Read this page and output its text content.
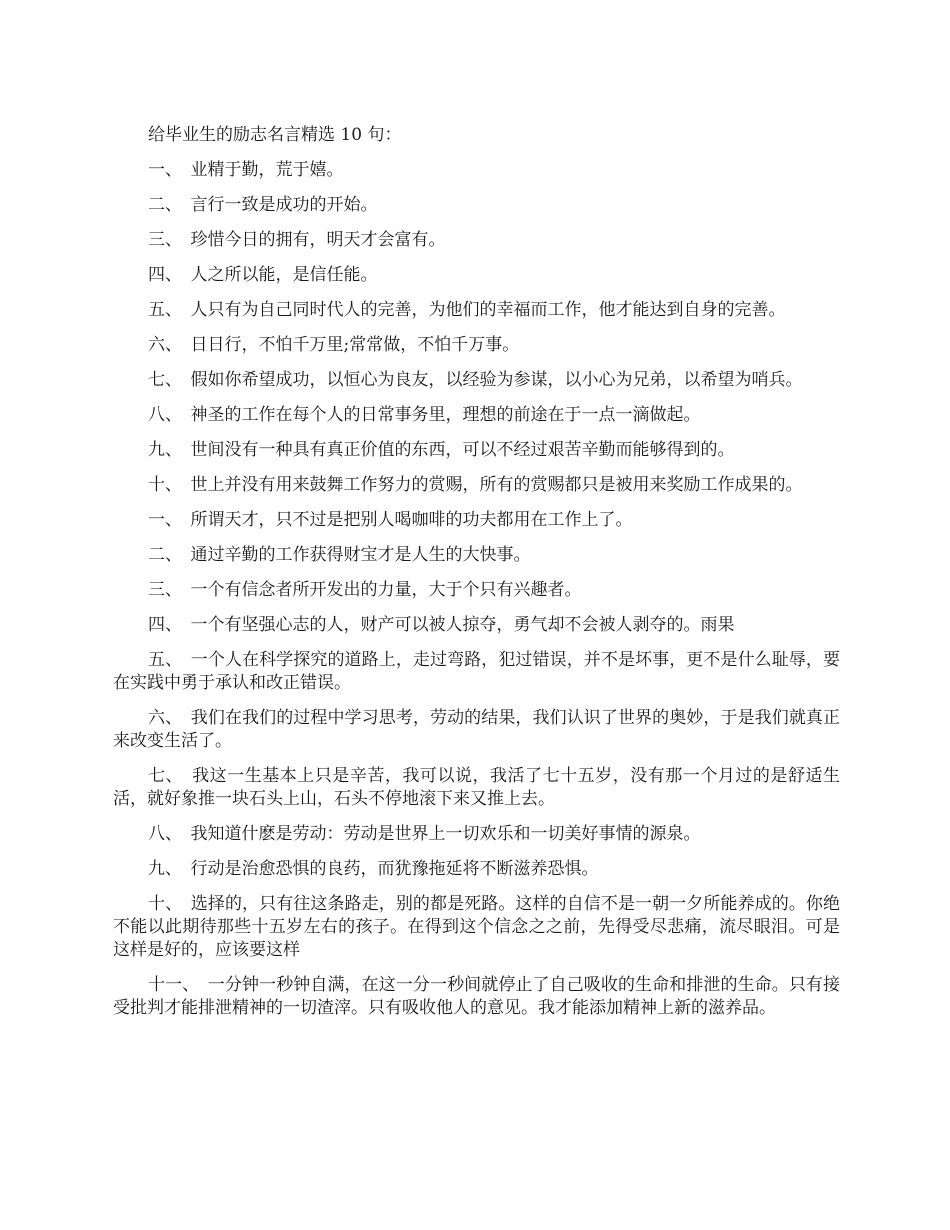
给毕业生的励志名言精选 10 句：

一、  业精于勤，荒于嬉。

二、  言行一致是成功的开始。

三、  珍惜今日的拥有，明天才会富有。

四、  人之所以能，是信任能。

五、  人只有为自己同时代人的完善，为他们的幸福而工作，他才能达到自身的完善。

六、  日日行，不怕千万里;常常做，不怕千万事。

七、  假如你希望成功，以恒心为良友，以经验为参谋，以小心为兄弟，以希望为哨兵。

八、  神圣的工作在每个人的日常事务里，理想的前途在于一点一滴做起。

九、  世间没有一种具有真正价值的东西，可以不经过艰苦辛勤而能够得到的。

十、  世上并没有用来鼓舞工作努力的赏赐，所有的赏赐都只是被用来奖励工作成果的。

一、  所谓天才，只不过是把别人喝咖啡的功夫都用在工作上了。

二、  通过辛勤的工作获得财宝才是人生的大快事。

三、  一个有信念者所开发出的力量，大于个只有兴趣者。

四、  一个有坚强心志的人，财产可以被人掠夺，勇气却不会被人剥夺的。雨果

五、  一个人在科学探究的道路上，走过弯路，犯过错误，并不是坏事，更不是什么耻辱，要在实践中勇于承认和改正错误。

六、  我们在我们的过程中学习思考，劳动的结果，我们认识了世界的奥妙，于是我们就真正来改变生活了。

七、  我这一生基本上只是辛苦，我可以说，我活了七十五岁，没有那一个月过的是舒适生活，就好象推一块石头上山，石头不停地滚下来又推上去。

八、  我知道什麽是劳动：劳动是世界上一切欢乐和一切美好事情的源泉。

九、  行动是治愈恐惧的良药，而犹豫拖延将不断滋养恐惧。

十、  选择的，只有往这条路走，别的都是死路。这样的自信不是一朝一夕所能养成的。你绝不能以此期待那些十五岁左右的孩子。在得到这个信念之之前，先得受尽悲痛，流尽眼泪。可是这样是好的，应该要这样

十一、  一分钟一秒钟自满，在这一分一秒间就停止了自己吸收的生命和排泄的生命。只有接受批判才能排泄精神的一切渣滓。只有吸收他人的意见。我才能添加精神上新的滋养品。
